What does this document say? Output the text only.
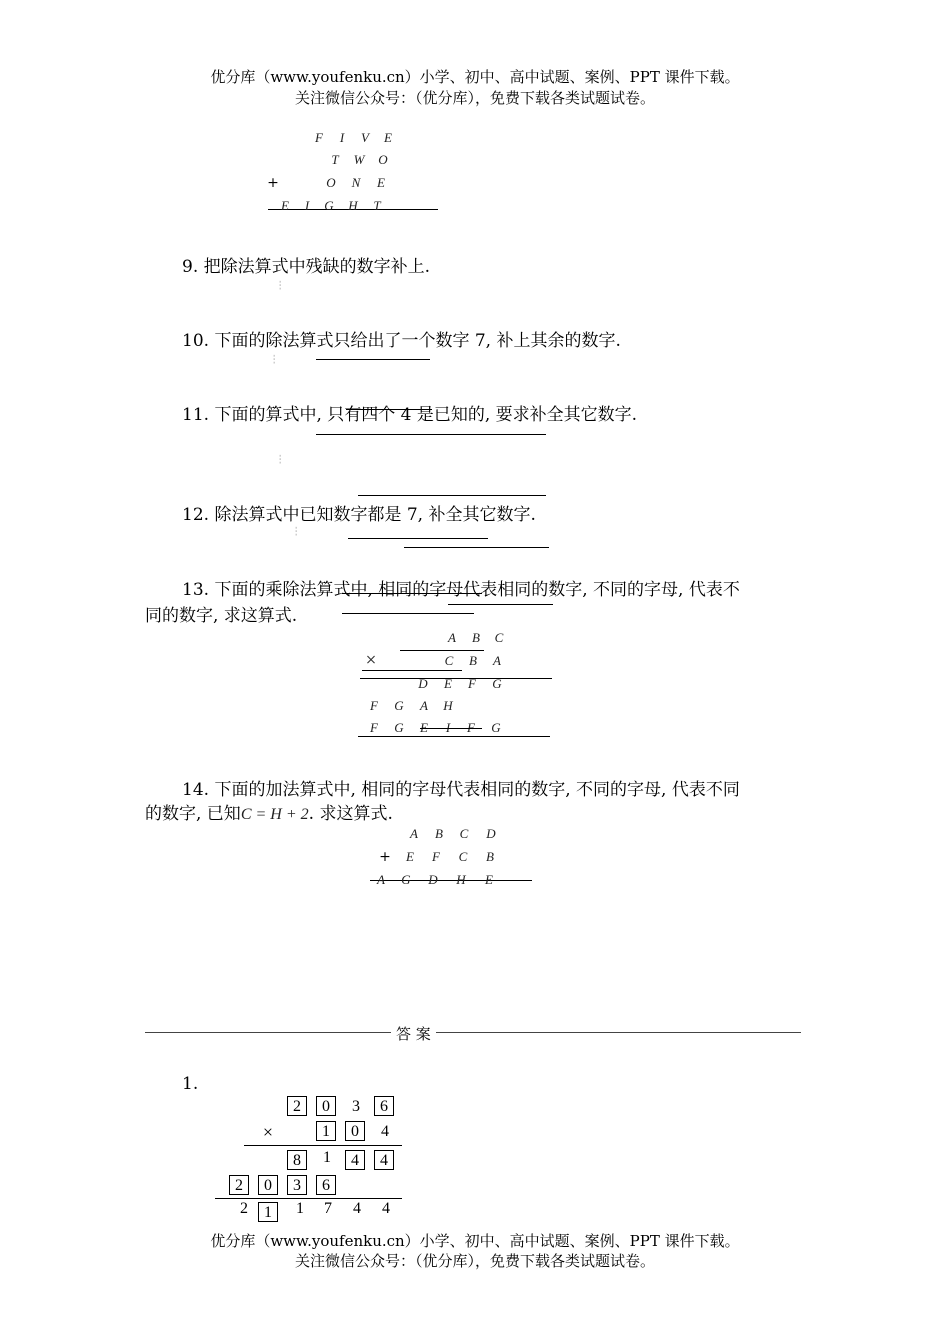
优分库（www.youfenku.cn）小学、初中、高中试题、案例、PPT 课件下载。
关注微信公众号：（优分库），免费下载各类试题试卷。
F	I	V	E
T	W	O
+	O	N	E
E	I	G	H	T
9. 把除法算式中残缺的数字补上.
⁝
10. 下面的除法算式只给出了一个数字 7, 补上其余的数字.
⁝
11. 下面的算式中, 只有四个 4 是已知的, 要求补全其它数字.
⁝
12. 除法算式中已知数字都是 7, 补全其它数字.
⁝
13. 下面的乘除法算式中, 相同的字母代表相同的数字, 不同的字母, 代表不
同的数字, 求这算式.
A	B	C
×	C	B	A
D	E	F	G
F	G	A	H
F	G	E	I	F	G
14. 下面的加法算式中, 相同的字母代表相同的数字, 不同的字母, 代表不同
的数字, 已知C = H + 2. 求这算式.
A	B	C	D
+	E	F	C	B
A	G	D	H	E
答 案
1.
2	0	3	6
×	1	0	4
8	1	4	4
2	0	3	6
2	1	1	7	4	4
优分库（www.youfenku.cn）小学、初中、高中试题、案例、PPT 课件下载。
关注微信公众号：（优分库），免费下载各类试题试卷。
